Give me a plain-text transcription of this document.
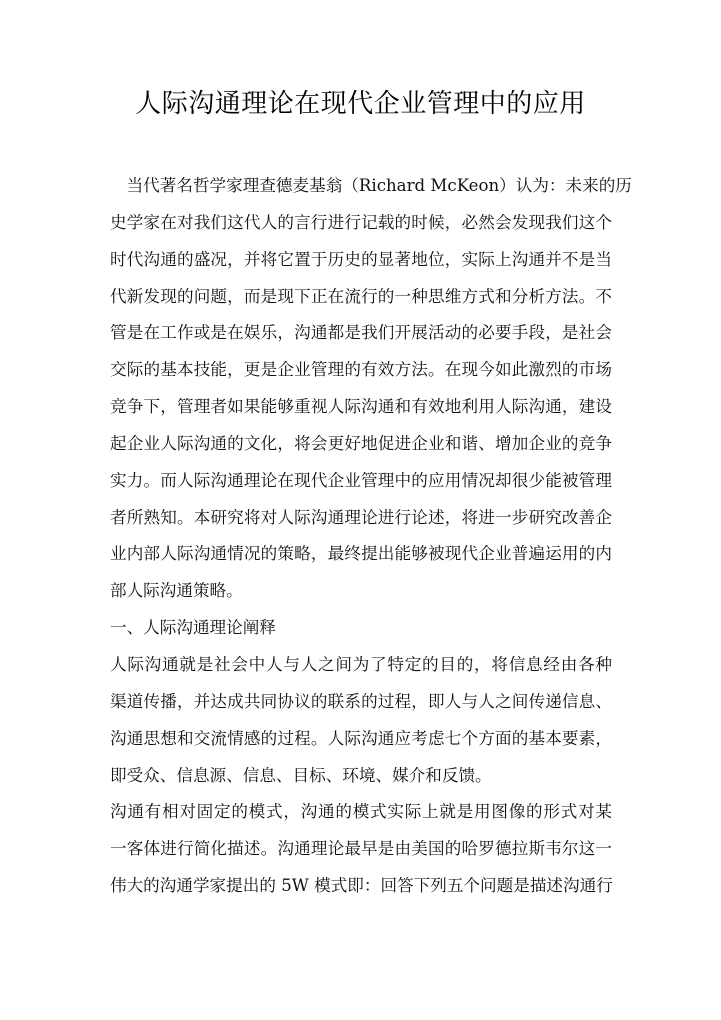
人际沟通理论在现代企业管理中的应用
　当代著名哲学家理查德麦基翁（Richard McKeon）认为：未来的历
史学家在对我们这代人的言行进行记载的时候，必然会发现我们这个
时代沟通的盛况，并将它置于历史的显著地位，实际上沟通并不是当
代新发现的问题，而是现下正在流行的一种思维方式和分析方法。不
管是在工作或是在娱乐，沟通都是我们开展活动的必要手段，是社会
交际的基本技能，更是企业管理的有效方法。在现今如此激烈的市场
竞争下，管理者如果能够重视人际沟通和有效地利用人际沟通，建设
起企业人际沟通的文化，将会更好地促进企业和谐、增加企业的竞争
实力。而人际沟通理论在现代企业管理中的应用情况却很少能被管理
者所熟知。本研究将对人际沟通理论进行论述，将进一步研究改善企
业内部人际沟通情况的策略，最终提出能够被现代企业普遍运用的内
部人际沟通策略。
一、人际沟通理论阐释
人际沟通就是社会中人与人之间为了特定的目的，将信息经由各种
渠道传播，并达成共同协议的联系的过程，即人与人之间传递信息、
沟通思想和交流情感的过程。人际沟通应考虑七个方面的基本要素，
即受众、信息源、信息、目标、环境、媒介和反馈。
沟通有相对固定的模式，沟通的模式实际上就是用图像的形式对某
一客体进行简化描述。沟通理论最早是由美国的哈罗德拉斯韦尔这一
伟大的沟通学家提出的 5W 模式即：回答下列五个问题是描述沟通行
